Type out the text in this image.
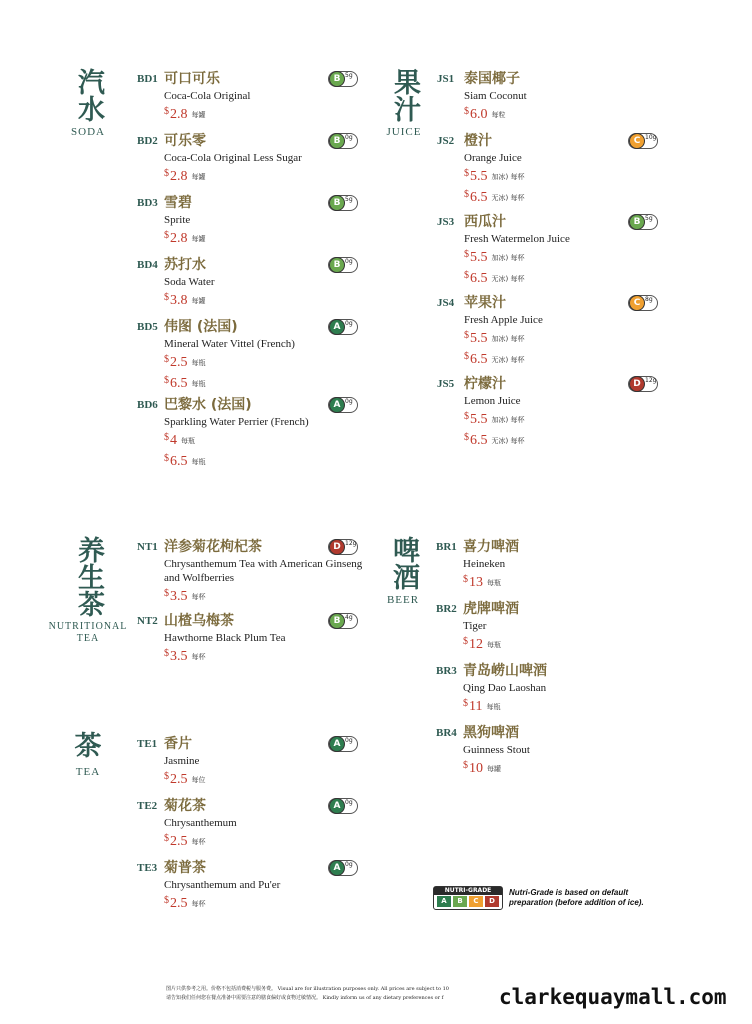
汽水
SODA
果汁
JUICE
养生茶
NUTRITIONAL
TEA
啤酒
BEER
茶
TEA
BD1 可口可乐
Coca-Cola Original
$2.8 每罐
B 5g
BD2 可乐零
Coca-Cola Original Less Sugar
$2.8 每罐
B 0g
BD3 雪碧
Sprite
$2.8 每罐
B 5g
BD4 苏打水
Soda Water
$3.8 每罐
B 0g
BD5 伟图 (法国)
Mineral Water Vittel (French)
$2.5 每瓶
$6.5 每瓶
A 0g
BD6 巴黎水 (法国)
Sparkling Water Perrier (French)
$4 每瓶
$6.5 每瓶
A 0g
JS1 泰国椰子
Siam Coconut
$6.0 每粒
JS2 橙汁
Orange Juice
$5.5 加冰) 每杯
$6.5 无冰) 每杯
C 10g
JS3 西瓜汁
Fresh Watermelon Juice
$5.5 加冰) 每杯
$6.5 无冰) 每杯
B 5g
JS4 苹果汁
Fresh Apple Juice
$5.5 加冰) 每杯
$6.5 无冰) 每杯
C 8g
JS5 柠檬汁
Lemon Juice
$5.5 加冰) 每杯
$6.5 无冰) 每杯
D 12g
NT1 洋参菊花枸杞茶
Chrysanthemum Tea with American Ginseng and Wolfberries
$3.5 每杯
D 12g
NT2 山楂乌梅茶
Hawthorne Black Plum Tea
$3.5 每杯
B 4g
BR1 喜力啤酒
Heineken
$13 每瓶
BR2 虎牌啤酒
Tiger
$12 每瓶
BR3 青岛崂山啤酒
Qing Dao Laoshan
$11 每瓶
BR4 黑狗啤酒
Guinness Stout
$10 每罐
TE1 香片
Jasmine
$2.5 每位
A 0g
TE2 菊花茶
Chrysanthemum
$2.5 每杯
A 0g
TE3 菊普茶
Chrysanthemum and Pu'er
$2.5 每杯
A 0g
NUTRI-GRADE
A	B	C	D
Nutri-Grade is based on default preparation (before addition of ice).
图片只供参考之用。价格不包括消费税与服务费。 Visual are for illustration purposes only. All prices are subject to 10
请告知我们任何您在餐点准备中需要注意的膳食偏好或食物过敏情况。 Kindly inform us of any dietary preferences or f	clarkequaymall.com
